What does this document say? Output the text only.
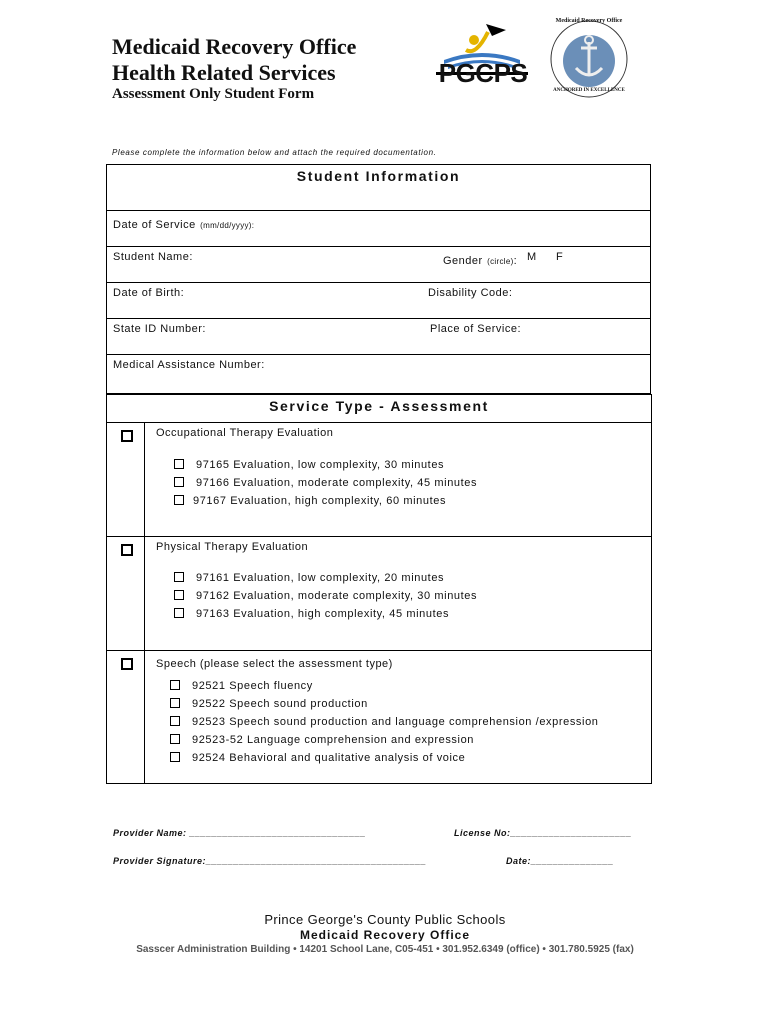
Medicaid Recovery Office
Health Related Services
Assessment Only Student Form
PGCPS
Medicaid Recovery Office
ANCHORED IN EXCELLENCE
Please complete the information below and attach the required documentation.
Student Information
Date of Service (mm/dd/yyyy):
Student Name:	Gender (circle): M F
Date of Birth:	Disability Code:
State ID Number:	Place of Service:
Medical Assistance Number:
Service Type - Assessment
Occupational Therapy Evaluation
97165 Evaluation, low complexity, 30 minutes
97166 Evaluation, moderate complexity, 45 minutes
97167 Evaluation, high complexity, 60 minutes
Physical Therapy Evaluation
97161 Evaluation, low complexity, 20 minutes
97162 Evaluation, moderate complexity, 30 minutes
97163 Evaluation, high complexity, 45 minutes
Speech (please select the assessment type)
92521 Speech fluency
92522 Speech sound production
92523 Speech sound production and language comprehension /expression
92523-52 Language comprehension and expression
92524 Behavioral and qualitative analysis of voice
Provider Name: ________________________________	License No:______________________
Provider Signature:________________________________________	Date:_______________
Prince George's County Public Schools
Medicaid Recovery Office
Sasscer Administration Building • 14201 School Lane, C05-451 • 301.952.6349 (office) • 301.780.5925 (fax)
